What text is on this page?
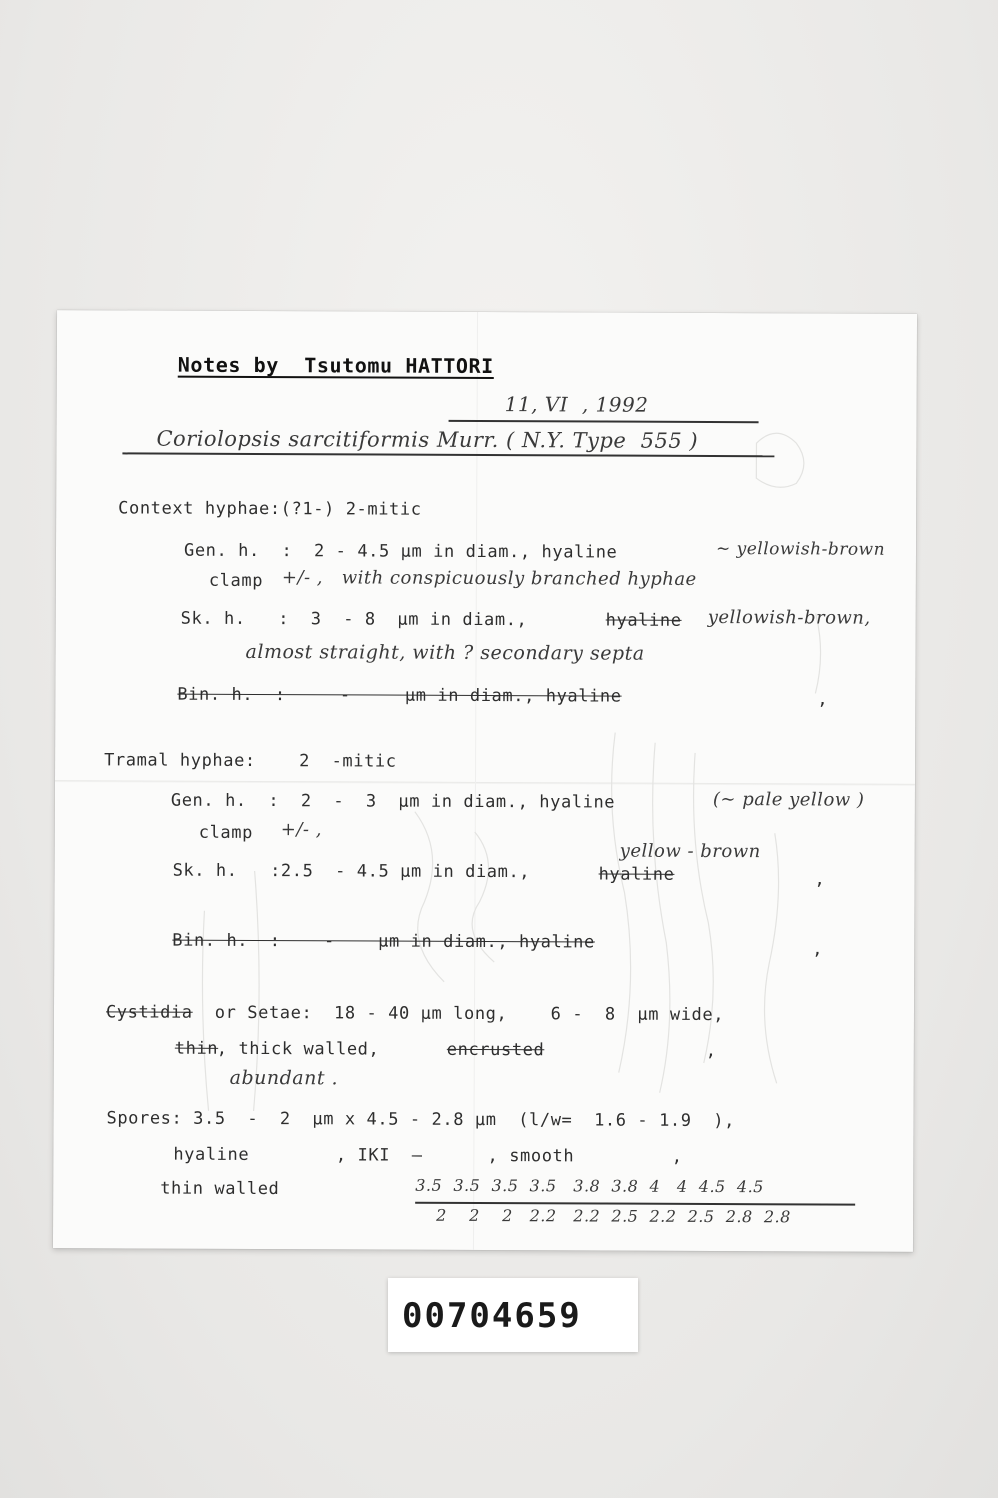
Notes by  Tsutomu HATTORI
11, VI  , 1992
Coriolopsis sarcitiformis Murr. ( N.Y. Type  555 )
Context hyphae:(?1-) 2-mitic
Gen. h.  :  2 - 4.5 µm in diam., hyaline	~ yellowish-brown
clamp +/- ,   with conspicuously branched hyphae
Sk. h.   :  3  - 8  µm in diam.,	hyaline yellowish-brown,
almost straight, with ? secondary septa
Bin. h.  :     -     µm in diam., hyaline	,
Tramal hyphae:    2  -mitic
Gen. h.  :  2  -  3  µm in diam., hyaline	(~ pale yellow )
clamp +/- ,
Sk. h.   :2.5  - 4.5 µm in diam.,	hyaline
yellow - brown
,
Bin. h.  :    -    µm in diam., hyaline	,
Cystidia or Setae:  18 - 40 µm long,    6 -  8  µm wide,
thin
, thick walled,	encrusted	,
abundant .
Spores: 3.5  -  2  µm x 4.5 - 2.8 µm  (l/w=  1.6 - 1.9  ),
hyaline        , IKI  —      , smooth         ,
thin walled	3.5  3.5  3.5  3.5   3.8  3.8  4   4  4.5  4.5
2    2    2   2.2   2.2  2.5  2.2  2.5  2.8  2.8
00704659
